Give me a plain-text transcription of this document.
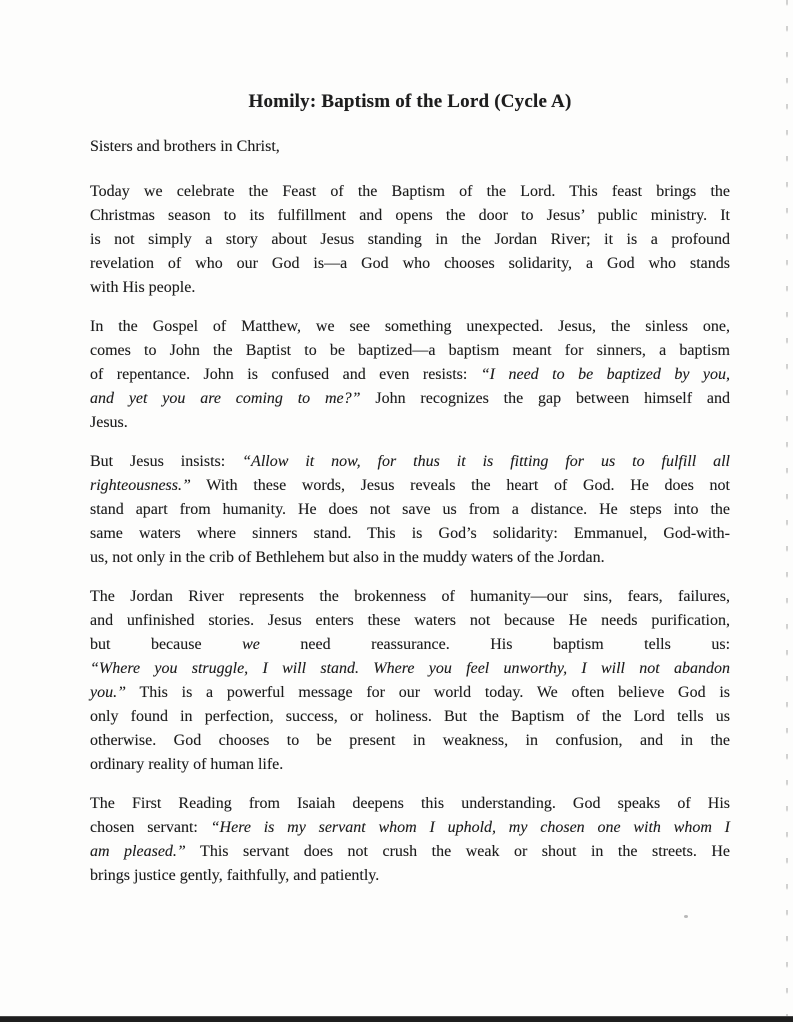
Homily: Baptism of the Lord (Cycle A)

Sisters and brothers in Christ,

Today we celebrate the Feast of the Baptism of the Lord. This feast brings the
Christmas season to its fulfillment and opens the door to Jesus’ public ministry. It
is not simply a story about Jesus standing in the Jordan River; it is a profound
revelation of who our God is—a God who chooses solidarity, a God who stands
with His people.
In the Gospel of Matthew, we see something unexpected. Jesus, the sinless one,
comes to John the Baptist to be baptized—a baptism meant for sinners, a baptism
of repentance. John is confused and even resists: “I need to be baptized by you,
and yet you are coming to me?” John recognizes the gap between himself and
Jesus.
But Jesus insists: “Allow it now, for thus it is fitting for us to fulfill all
righteousness.” With these words, Jesus reveals the heart of God. He does not
stand apart from humanity. He does not save us from a distance. He steps into the
same waters where sinners stand. This is God’s solidarity: Emmanuel, God-with-
us, not only in the crib of Bethlehem but also in the muddy waters of the Jordan.
The Jordan River represents the brokenness of humanity—our sins, fears, failures,
and unfinished stories. Jesus enters these waters not because He needs purification,
but because we need reassurance. His baptism tells us:
“Where you struggle, I will stand. Where you feel unworthy, I will not abandon
you.” This is a powerful message for our world today. We often believe God is
only found in perfection, success, or holiness. But the Baptism of the Lord tells us
otherwise. God chooses to be present in weakness, in confusion, and in the
ordinary reality of human life.
The First Reading from Isaiah deepens this understanding. God speaks of His
chosen servant: “Here is my servant whom I uphold, my chosen one with whom I
am pleased.” This servant does not crush the weak or shout in the streets. He
brings justice gently, faithfully, and patiently.
